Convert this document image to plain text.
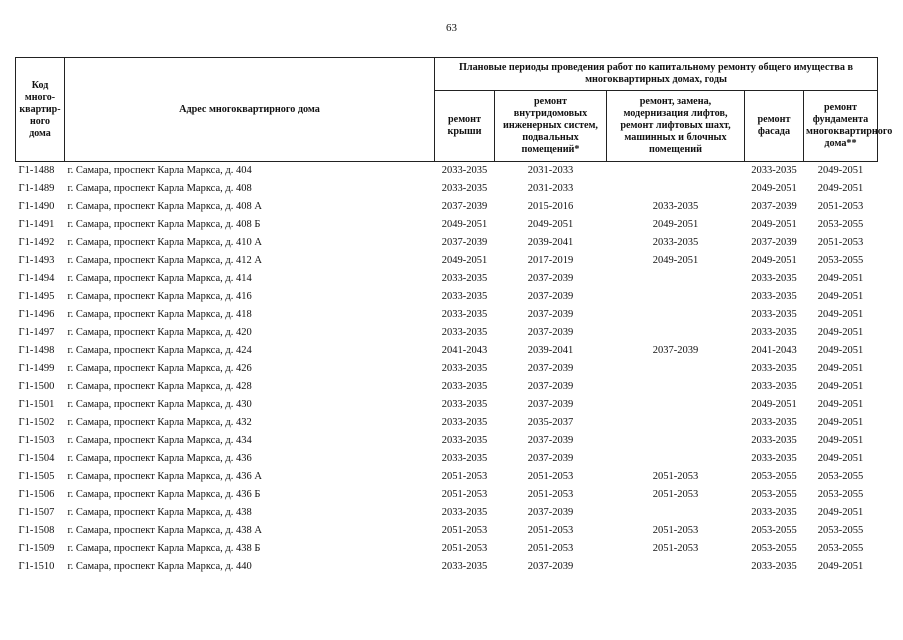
63
Код много-квартир-ного дома	Адрес многоквартирного дома	Плановые периоды проведения работ по капитальному ремонту общего имущества в многоквартирных домах, годы				
		ремонт крыши	ремонт внутридомовых инженерных систем, подвальных помещений*	ремонт, замена, модернизация лифтов, ремонт лифтовых шахт, машинных и блочных помещений	ремонт фасада	ремонт фундамента многоквартирного дома**
Г1-1488	г. Самара, проспект Карла Маркса, д. 404	2033-2035	2031-2033		2033-2035	2049-2051
Г1-1489	г. Самара, проспект Карла Маркса, д. 408	2033-2035	2031-2033		2049-2051	2049-2051
Г1-1490	г. Самара, проспект Карла Маркса, д. 408 А	2037-2039	2015-2016	2033-2035	2037-2039	2051-2053
Г1-1491	г. Самара, проспект Карла Маркса, д. 408 Б	2049-2051	2049-2051	2049-2051	2049-2051	2053-2055
Г1-1492	г. Самара, проспект Карла Маркса, д. 410 А	2037-2039	2039-2041	2033-2035	2037-2039	2051-2053
Г1-1493	г. Самара, проспект Карла Маркса, д. 412 А	2049-2051	2017-2019	2049-2051	2049-2051	2053-2055
Г1-1494	г. Самара, проспект Карла Маркса, д. 414	2033-2035	2037-2039		2033-2035	2049-2051
Г1-1495	г. Самара, проспект Карла Маркса, д. 416	2033-2035	2037-2039		2033-2035	2049-2051
Г1-1496	г. Самара, проспект Карла Маркса, д. 418	2033-2035	2037-2039		2033-2035	2049-2051
Г1-1497	г. Самара, проспект Карла Маркса, д. 420	2033-2035	2037-2039		2033-2035	2049-2051
Г1-1498	г. Самара, проспект Карла Маркса, д. 424	2041-2043	2039-2041	2037-2039	2041-2043	2049-2051
Г1-1499	г. Самара, проспект Карла Маркса, д. 426	2033-2035	2037-2039		2033-2035	2049-2051
Г1-1500	г. Самара, проспект Карла Маркса, д. 428	2033-2035	2037-2039		2033-2035	2049-2051
Г1-1501	г. Самара, проспект Карла Маркса, д. 430	2033-2035	2037-2039		2049-2051	2049-2051
Г1-1502	г. Самара, проспект Карла Маркса, д. 432	2033-2035	2035-2037		2033-2035	2049-2051
Г1-1503	г. Самара, проспект Карла Маркса, д. 434	2033-2035	2037-2039		2033-2035	2049-2051
Г1-1504	г. Самара, проспект Карла Маркса, д. 436	2033-2035	2037-2039		2033-2035	2049-2051
Г1-1505	г. Самара, проспект Карла Маркса, д. 436 А	2051-2053	2051-2053	2051-2053	2053-2055	2053-2055
Г1-1506	г. Самара, проспект Карла Маркса, д. 436 Б	2051-2053	2051-2053	2051-2053	2053-2055	2053-2055
Г1-1507	г. Самара, проспект Карла Маркса, д. 438	2033-2035	2037-2039		2033-2035	2049-2051
Г1-1508	г. Самара, проспект Карла Маркса, д. 438 А	2051-2053	2051-2053	2051-2053	2053-2055	2053-2055
Г1-1509	г. Самара, проспект Карла Маркса, д. 438 Б	2051-2053	2051-2053	2051-2053	2053-2055	2053-2055
Г1-1510	г. Самара, проспект Карла Маркса, д. 440	2033-2035	2037-2039		2033-2035	2049-2051
